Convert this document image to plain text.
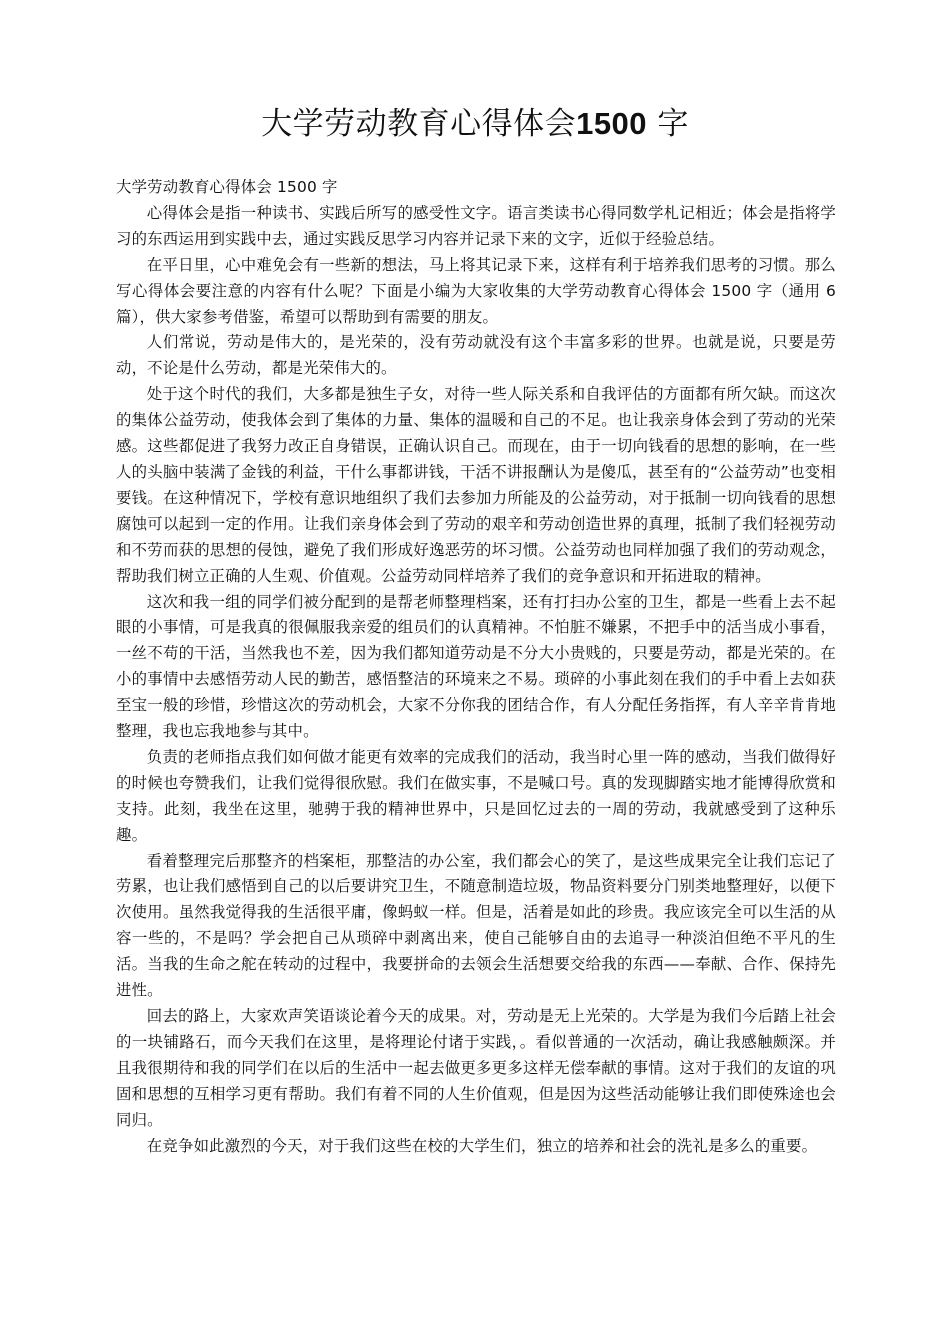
大学劳动教育心得体会1500 字

大学劳动教育心得体会 1500 字

心得体会是指一种读书、实践后所写的感受性文字。语言类读书心得同数学札记相近；体会是指将学习的东西运用到实践中去，通过实践反思学习内容并记录下来的文字，近似于经验总结。

在平日里，心中难免会有一些新的想法，马上将其记录下来，这样有利于培养我们思考的习惯。那么写心得体会要注意的内容有什么呢？下面是小编为大家收集的大学劳动教育心得体会 1500 字（通用 6 篇），供大家参考借鉴，希望可以帮助到有需要的朋友。

人们常说，劳动是伟大的，是光荣的，没有劳动就没有这个丰富多彩的世界。也就是说，只要是劳动，不论是什么劳动，都是光荣伟大的。

处于这个时代的我们，大多都是独生子女，对待一些人际关系和自我评估的方面都有所欠缺。而这次的集体公益劳动，使我体会到了集体的力量、集体的温暖和自己的不足。也让我亲身体会到了劳动的光荣感。这些都促进了我努力改正自身错误，正确认识自己。而现在，由于一切向钱看的思想的影响，在一些人的头脑中装满了金钱的利益，干什么事都讲钱，干活不讲报酬认为是傻瓜，甚至有的“公益劳动”也变相要钱。在这种情况下，学校有意识地组织了我们去参加力所能及的公益劳动，对于抵制一切向钱看的思想腐蚀可以起到一定的作用。让我们亲身体会到了劳动的艰辛和劳动创造世界的真理，抵制了我们轻视劳动和不劳而获的思想的侵蚀，避免了我们形成好逸恶劳的坏习惯。公益劳动也同样加强了我们的劳动观念，帮助我们树立正确的人生观、价值观。公益劳动同样培养了我们的竞争意识和开拓进取的精神。

这次和我一组的同学们被分配到的是帮老师整理档案，还有打扫办公室的卫生，都是一些看上去不起眼的小事情，可是我真的很佩服我亲爱的组员们的认真精神。不怕脏不嫌累，不把手中的活当成小事看，一丝不苟的干活，当然我也不差，因为我们都知道劳动是不分大小贵贱的，只要是劳动，都是光荣的。在小的事情中去感悟劳动人民的勤苦，感悟整洁的环境来之不易。琐碎的小事此刻在我们的手中看上去如获至宝一般的珍惜，珍惜这次的劳动机会，大家不分你我的团结合作，有人分配任务指挥，有人辛辛肯肯地整理，我也忘我地参与其中。

负责的老师指点我们如何做才能更有效率的完成我们的活动，我当时心里一阵的感动，当我们做得好的时候也夸赞我们，让我们觉得很欣慰。我们在做实事，不是喊口号。真的发现脚踏实地才能博得欣赏和支持。此刻，我坐在这里，驰骋于我的精神世界中，只是回忆过去的一周的劳动，我就感受到了这种乐趣。

看着整理完后那整齐的档案柜，那整洁的办公室，我们都会心的笑了，是这些成果完全让我们忘记了劳累，也让我们感悟到自己的以后要讲究卫生，不随意制造垃圾，物品资料要分门别类地整理好，以便下次使用。虽然我觉得我的生活很平庸，像蚂蚁一样。但是，活着是如此的珍贵。我应该完全可以生活的从容一些的，不是吗？学会把自己从琐碎中剥离出来，使自己能够自由的去追寻一种淡泊但绝不平凡的生活。当我的生命之舵在转动的过程中，我要拼命的去领会生活想要交给我的东西——奉献、合作、保持先进性。

回去的路上，大家欢声笑语谈论着今天的成果。对，劳动是无上光荣的。大学是为我们今后踏上社会的一块铺路石，而今天我们在这里，是将理论付诸于实践，。看似普通的一次活动，确让我感触颇深。并且我很期待和我的同学们在以后的生活中一起去做更多更多这样无偿奉献的事情。这对于我们的友谊的巩固和思想的互相学习更有帮助。我们有着不同的人生价值观，但是因为这些活动能够让我们即使殊途也会同归。

在竞争如此激烈的今天，对于我们这些在校的大学生们，独立的培养和社会的洗礼是多么的重要。
